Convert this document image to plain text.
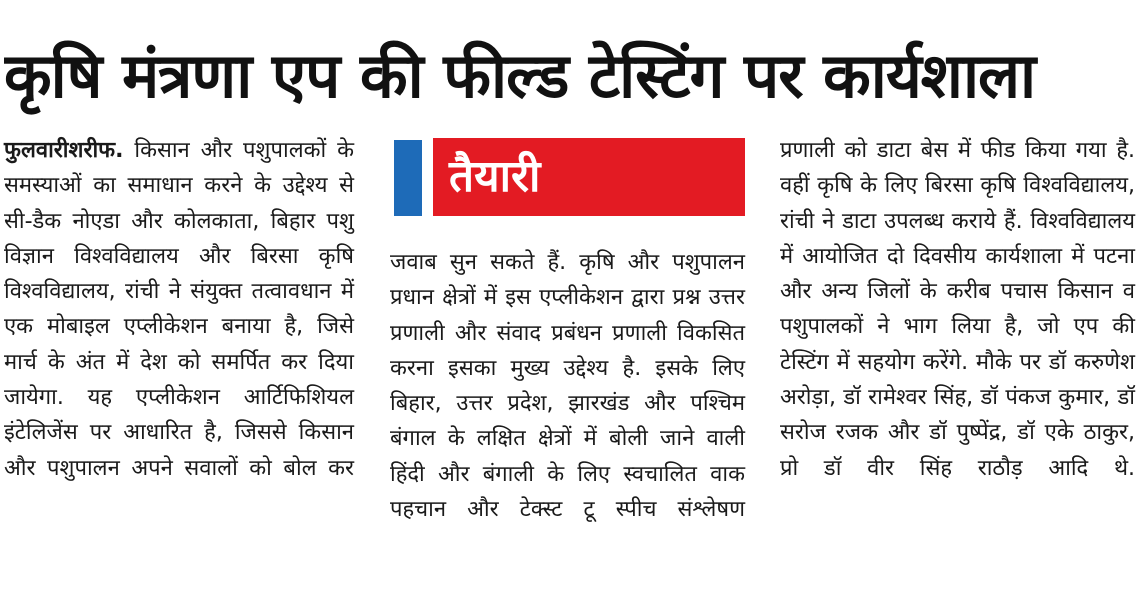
कृषि मंत्रणा एप की फील्ड टेस्टिंग पर कार्यशाला

फुलवारीशरीफ. किसान और पशुपालकों के समस्याओं का समाधान करने के उद्देश्य से सी-डैक नोएडा और कोलकाता, बिहार पशु विज्ञान विश्वविद्यालय और बिरसा कृषि विश्वविद्यालय, रांची ने संयुक्त तत्वावधान में एक मोबाइल एप्लीकेशन बनाया है, जिसे मार्च के अंत में देश को समर्पित कर दिया जायेगा. यह एप्लीकेशन आर्टिफिशियल इंटेलिजेंस पर आधारित है, जिससे किसान और पशुपालन अपने सवालों को बोल कर

तैयारी

जवाब सुन सकते हैं. कृषि और पशुपालन प्रधान क्षेत्रों में इस एप्लीकेशन द्वारा प्रश्न उत्तर प्रणाली और संवाद प्रबंधन प्रणाली विकसित करना इसका मुख्य उद्देश्य है. इसके लिए बिहार, उत्तर प्रदेश, झारखंड और पश्चिम बंगाल के लक्षित क्षेत्रों में बोली जाने वाली हिंदी और बंगाली के लिए स्वचालित वाक पहचान और टेक्स्ट टू स्पीच संश्लेषण

प्रणाली को डाटा बेस में फीड किया गया है. वहीं कृषि के लिए बिरसा कृषि विश्वविद्यालय, रांची ने डाटा उपलब्ध कराये हैं. विश्वविद्यालय में आयोजित दो दिवसीय कार्यशाला में पटना और अन्य जिलों के करीब पचास किसान व पशुपालकों ने भाग लिया है, जो एप की टेस्टिंग में सहयोग करेंगे. मौके पर डॉ करुणेश अरोड़ा, डॉ रामेश्वर सिंह, डॉ पंकज कुमार, डॉ सरोज रजक और डॉ पुष्पेंद्र, डॉ एके ठाकुर, प्रो डॉ वीर सिंह राठौड़ आदि थे.
